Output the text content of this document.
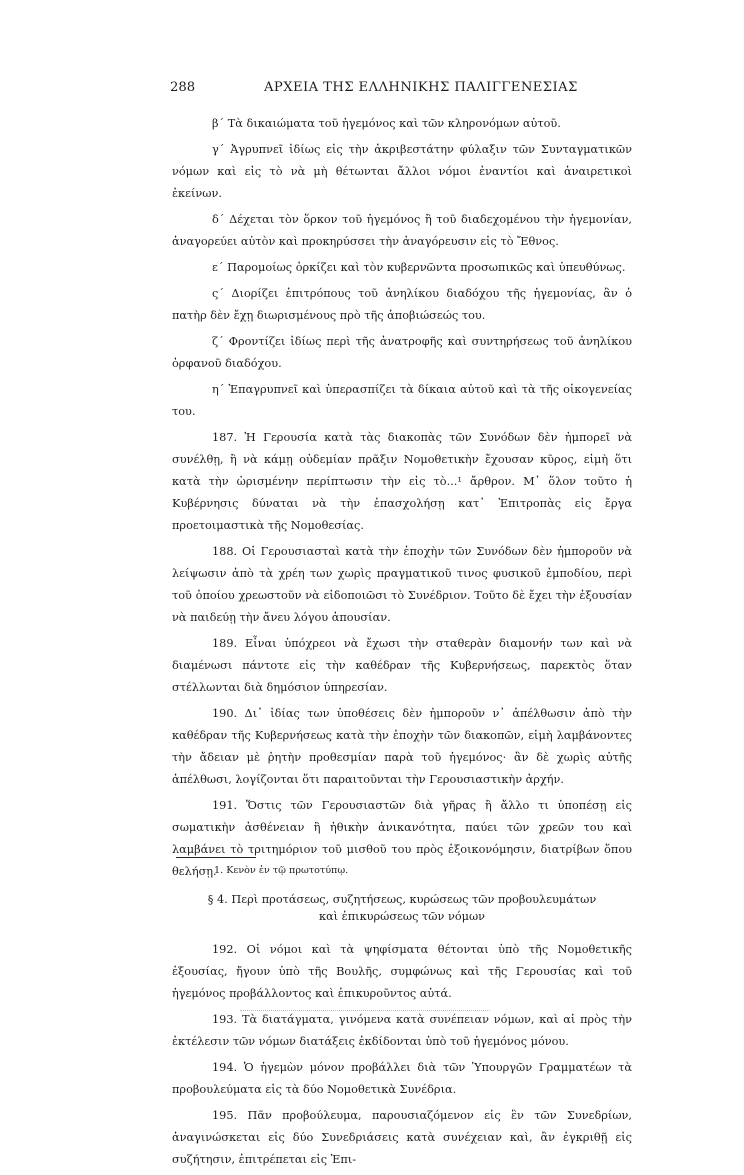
288	ΑΡΧΕΙΑ ΤΗΣ ΕΛΛΗΝΙΚΗΣ ΠΑΛΙΓΓΕΝΕΣΙΑΣ

β΄ Τὰ δικαιώματα τοῦ ἡγεμόνος καὶ τῶν κληρονόμων αὐτοῦ.

γ΄ Ἀγρυπνεῖ ἰδίως εἰς τὴν ἀκριβεστάτην φύλαξιν τῶν Συνταγματικῶν νόμων καὶ εἰς τὸ νὰ μὴ θέτωνται ἄλλοι νόμοι ἐναντίοι καὶ ἀναιρετικοὶ ἐκείνων.

δ΄ Δέχεται τὸν ὅρκον τοῦ ἡγεμόνος ἢ τοῦ διαδεχομένου τὴν ἡγεμονίαν, ἀναγορεύει αὐτὸν καὶ προκηρύσσει τὴν ἀναγόρευσιν εἰς τὸ Ἔθνος.

ε΄ Παρομοίως ὁρκίζει καὶ τὸν κυβερνῶντα προσωπικῶς καὶ ὑπευθύνως.

ς΄ Διορίζει ἐπιτρόπους τοῦ ἀνηλίκου διαδόχου τῆς ἡγεμονίας, ἂν ὁ πατὴρ δὲν ἔχῃ διωρισμένους πρὸ τῆς ἀποβιώσεώς του.

ζ΄ Φροντίζει ἰδίως περὶ τῆς ἀνατροφῆς καὶ συντηρήσεως τοῦ ἀνηλίκου ὀρφανοῦ διαδόχου.

η΄ Ἐπαγρυπνεῖ καὶ ὑπερασπίζει τὰ δίκαια αὐτοῦ καὶ τὰ τῆς οἰκογενείας του.

187. Ἡ Γερουσία κατὰ τὰς διακοπὰς τῶν Συνόδων δὲν ἠμπορεῖ νὰ συνέλθῃ, ἢ νὰ κάμῃ οὐδεμίαν πρᾶξιν Νομοθετικὴν ἔχουσαν κῦρος, εἰμὴ ὅτι κατὰ τὴν ὡρισμένην περίπτωσιν τὴν εἰς τὸ...¹ ἄρθρον. Μ᾽ ὅλον τοῦτο ἡ Κυβέρνησις δύναται νὰ τὴν ἐπασχολήσῃ κατ᾽ Ἐπιτροπὰς εἰς ἔργα προετοιμαστικὰ τῆς Νομοθεσίας.

188. Οἱ Γερουσιασταὶ κατὰ τὴν ἐποχὴν τῶν Συνόδων δὲν ἠμποροῦν νὰ λείψωσιν ἀπὸ τὰ χρέη των χωρὶς πραγματικοῦ τινος φυσικοῦ ἐμποδίου, περὶ τοῦ ὁποίου χρεωστοῦν νὰ εἰδοποιῶσι τὸ Συνέδριον. Τοῦτο δὲ ἔχει τὴν ἐξουσίαν νὰ παιδεύῃ τὴν ἄνευ λόγου ἀπουσίαν.

189. Εἶναι ὑπόχρεοι νὰ ἔχωσι τὴν σταθερὰν διαμονήν των καὶ νὰ διαμένωσι πάντοτε εἰς τὴν καθέδραν τῆς Κυβερνήσεως, παρεκτὸς ὅταν στέλλωνται διὰ δημόσιον ὑπηρεσίαν.

190. Δι᾽ ἰδίας των ὑποθέσεις δὲν ἠμποροῦν ν᾽ ἀπέλθωσιν ἀπὸ τὴν καθέδραν τῆς Κυβερνήσεως κατὰ τὴν ἐποχὴν τῶν διακοπῶν, εἰμὴ λαμβάνοντες τὴν ἄδειαν μὲ ῥητὴν προθεσμίαν παρὰ τοῦ ἡγεμόνος· ἂν δὲ χωρὶς αὐτῆς ἀπέλθωσι, λογίζονται ὅτι παραιτοῦνται τὴν Γερουσιαστικὴν ἀρχήν.

191. Ὅστις τῶν Γερουσιαστῶν διὰ γῆρας ἢ ἄλλο τι ὑποπέσῃ εἰς σωματικὴν ἀσθένειαν ἢ ἠθικὴν ἀνικανότητα, παύει τῶν χρεῶν του καὶ λαμβάνει τὸ τριτημόριον τοῦ μισθοῦ του πρὸς ἐξοικονόμησιν, διατρίβων ὅπου θελήσῃ.

§ 4. Περὶ προτάσεως, συζητήσεως, κυρώσεως τῶν προβουλευμάτων
καὶ ἐπικυρώσεως τῶν νόμων

192. Οἱ νόμοι καὶ τὰ ψηφίσματα θέτονται ὑπὸ τῆς Νομοθετικῆς ἐξουσίας, ἤγουν ὑπὸ τῆς Βουλῆς, συμφώνως καὶ τῆς Γερουσίας καὶ τοῦ ἡγεμόνος προβάλλοντος καὶ ἐπικυροῦντος αὐτά.

193. Τὰ διατάγματα, γινόμενα κατὰ συνέπειαν νόμων, καὶ αἱ πρὸς τὴν ἐκτέλεσιν τῶν νόμων διατάξεις ἐκδίδονται ὑπὸ τοῦ ἡγεμόνος μόνου.

194. Ὁ ἡγεμὼν μόνον προβάλλει διὰ τῶν Ὑπουργῶν Γραμματέων τὰ προβουλεύματα εἰς τὰ δύο Νομοθετικὰ Συνέδρια.

195. Πᾶν προβούλευμα, παρουσιαζόμενον εἰς ἓν τῶν Συνεδρίων, ἀναγινώσκεται εἰς δύο Συνεδριάσεις κατὰ συνέχειαν καὶ, ἂν ἐγκριθῇ εἰς συζήτησιν, ἐπιτρέπεται εἰς Ἐπι-

1. Κενὸν ἐν τῷ πρωτοτύπῳ.
